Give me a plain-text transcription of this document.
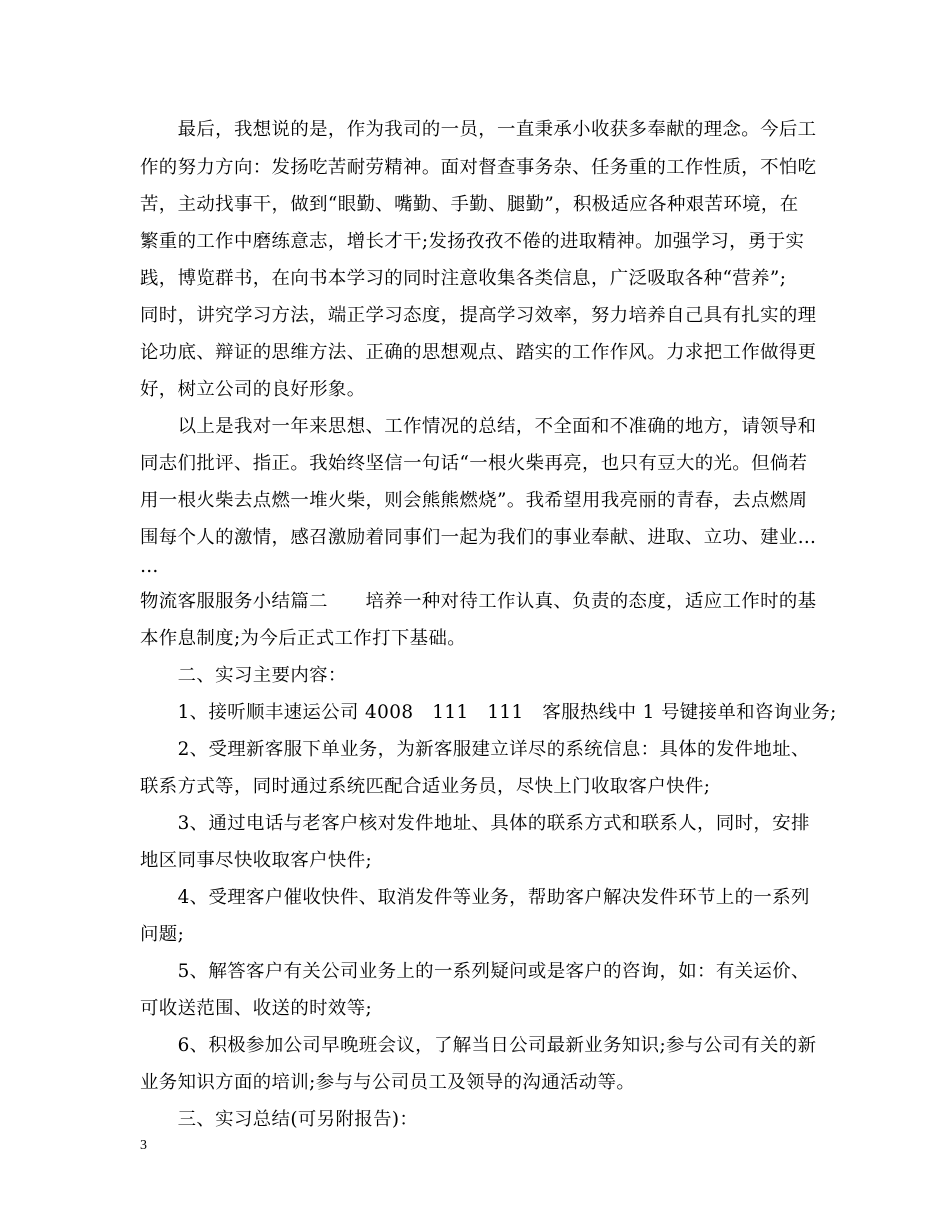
　　最后，我想说的是，作为我司的一员，一直秉承小收获多奉献的理念。今后工
作的努力方向：发扬吃苦耐劳精神。面对督查事务杂、任务重的工作性质，不怕吃
苦，主动找事干，做到“眼勤、嘴勤、手勤、腿勤”，积极适应各种艰苦环境，在
繁重的工作中磨练意志，增长才干;发扬孜孜不倦的进取精神。加强学习，勇于实
践，博览群书，在向书本学习的同时注意收集各类信息，广泛吸取各种“营养”;
同时，讲究学习方法，端正学习态度，提高学习效率，努力培养自己具有扎实的理
论功底、辩证的思维方法、正确的思想观点、踏实的工作作风。力求把工作做得更
好，树立公司的良好形象。
　　以上是我对一年来思想、工作情况的总结，不全面和不准确的地方，请领导和
同志们批评、指正。我始终坚信一句话“一根火柴再亮，也只有豆大的光。但倘若
用一根火柴去点燃一堆火柴，则会熊熊燃烧”。我希望用我亮丽的青春，去点燃周
围每个人的激情，感召激励着同事们一起为我们的事业奉献、进取、立功、建业…
…
物流客服服务小结篇二　　培养一种对待工作认真、负责的态度，适应工作时的基
本作息制度;为今后正式工作打下基础。
　　二、实习主要内容：
　　1、接听顺丰速运公司 4008　111　111　客服热线中 1 号键接单和咨询业务;
　　2、受理新客服下单业务，为新客服建立详尽的系统信息：具体的发件地址、
联系方式等，同时通过系统匹配合适业务员，尽快上门收取客户快件;
　　3、通过电话与老客户核对发件地址、具体的联系方式和联系人，同时，安排
地区同事尽快收取客户快件;
　　4、受理客户催收快件、取消发件等业务，帮助客户解决发件环节上的一系列
问题;
　　5、解答客户有关公司业务上的一系列疑问或是客户的咨询，如：有关运价、
可收送范围、收送的时效等;
　　6、积极参加公司早晚班会议，了解当日公司最新业务知识;参与公司有关的新
业务知识方面的培训;参与与公司员工及领导的沟通活动等。
　　三、实习总结(可另附报告)：
3
